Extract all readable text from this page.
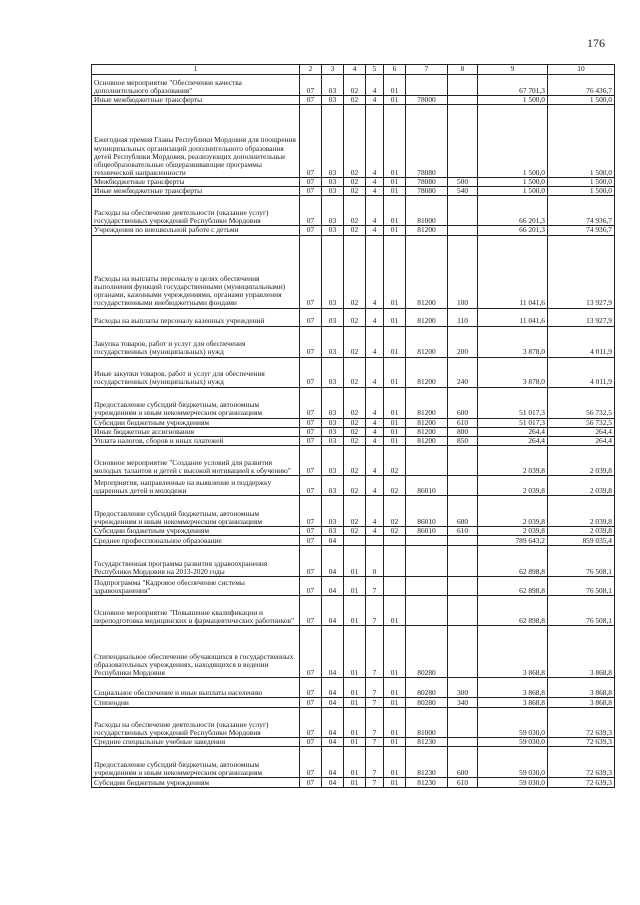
176
1	2	3	4	5	6	7	8	9	10
Основное мероприятие "Обеспечение качества дополнительного образования"	07	03	02	4	01			67 701,3	76 436,7
Иные межбюджетные трансферты	07	03	02	4	01	78000		1 500,0	1 500,0
Ежегодная премия Главы Республики Мордовия для поощрения муниципальных организаций дополнительного образования детей Республики Мордовия, реализующих дополнительные общеобразовательные общеразвивающие программы технической направленности	07	03	02	4	01	78080		1 500,0	1 500,0
Межбюджетные трансферты	07	03	02	4	01	78080	500	1 500,0	1 500,0
Иные межбюджетные трансферты	07	03	02	4	01	78080	540	1 500,0	1 500,0
Расходы на обеспечение деятельности (оказание услуг) государственных учреждений Республики Мордовия	07	03	02	4	01	81000		66 201,3	74 936,7
Учреждения по внешкольной работе с детьми	07	03	02	4	01	81200		66 201,3	74 936,7
Расходы на выплаты персоналу в целях обеспечения выполнения функций государственными (муниципальными) органами, казенными учреждениями, органами управления государственными внебюджетными фондами	07	03	02	4	01	81200	100	11 041,6	13 927,9
Расходы на выплаты персоналу казенных учреждений	07	03	02	4	01	81200	110	11 041,6	13 927,9
Закупка товаров, работ и услуг для обеспечения государственных (муниципальных) нужд	07	03	02	4	01	81200	200	3 878,0	4 011,9
Иные закупки товаров, работ и услуг для обеспечения государственных (муниципальных) нужд	07	03	02	4	01	81200	240	3 878,0	4 011,9
Предоставление субсидий бюджетным, автономным учреждениям и иным некоммерческим организациям	07	03	02	4	01	81200	600	51 017,3	56 732,5
Субсидии бюджетным учреждениям	07	03	02	4	01	81200	610	51 017,3	56 732,5
Иные бюджетные ассигнования	07	03	02	4	01	81200	800	264,4	264,4
Уплата налогов, сборов и иных платежей	07	03	02	4	01	81200	850	264,4	264,4
Основное мероприятие "Создание условий для развития молодых талантов и детей с высокой мотивацией к обучению"	07	03	02	4	02			2 039,8	2 039,8
Мероприятия, направленные на выявление и поддержку одаренных детей и молодежи	07	03	02	4	02	86010		2 039,8	2 039,8
Предоставление субсидий бюджетным, автономным учреждениям и иным некоммерческим организациям	07	03	02	4	02	86010	600	2 039,8	2 039,8
Субсидии бюджетным учреждениям	07	03	02	4	02	86010	610	2 039,8	2 039,8
Среднее профессиональное образование	07	04						789 643,2	859 035,4
Государственная программа развития здравоохранения Республики Мордовия на 2013-2020 годы	07	04	01	0				62 898,8	76 508,1
Подпрограмма "Кадровое обеспечение системы здравоохранения"	07	04	01	7				62 898,8	76 508,1
Основное мероприятие "Повышение квалификации и переподготовка медицинских и фармацевтических работников"	07	04	01	7	01			62 898,8	76 508,1
Стипендиальное обеспечение обучающихся в государственных образовательных учреждениях, находящихся в ведении Республики Мордовия	07	04	01	7	01	80280		3 868,8	3 868,8
Социальное обеспечение и иные выплаты населению	07	04	01	7	01	80280	300	3 868,8	3 868,8
Стипендии	07	04	01	7	01	80280	340	3 868,8	3 868,8
Расходы на обеспечение деятельности (оказание услуг) государственных учреждений Республики Мордовия	07	04	01	7	01	81000		59 030,0	72 639,3
Средние специальные учебные заведения	07	04	01	7	01	81230		59 030,0	72 639,3
Предоставление субсидий бюджетным, автономным учреждениям и иным некоммерческим организациям	07	04	01	7	01	81230	600	59 030,0	72 639,3
Субсидии бюджетным учреждениям	07	04	01	7	01	81230	610	59 030,0	72 639,3
